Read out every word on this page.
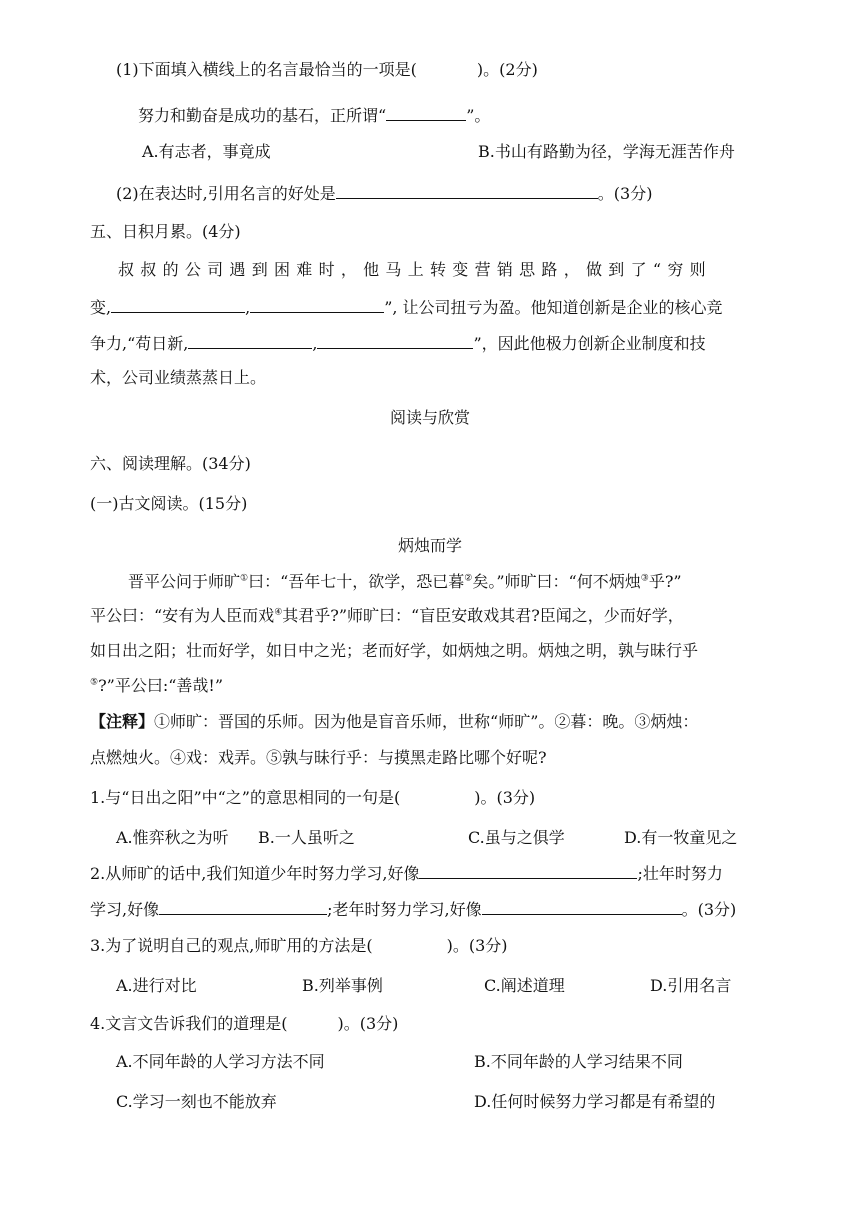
(1)下面填入横线上的名言最恰当的一项是(	)。(2分)
努力和勤奋是成功的基石，正所谓“	”。
A.有志者，事竟成	B.书山有路勤为径，学海无涯苦作舟
(2)在表达时,引用名言的好处是	。(3分)
五、日积月累。(4分)
叔 叔 的 公 司 遇 到 困 难 时 ， 他 马 上 转 变 营 销 思 路 ， 做 到 了 “ 穷 则
变,	,	”, 让公司扭亏为盈。他知道创新是企业的核心竞
争力,“苟日新,	,	”，因此他极力创新企业制度和技
术，公司业绩蒸蒸日上。
阅读与欣赏
六、阅读理解。(34分)
(一)古文阅读。(15分)
炳烛而学
晋平公问于师旷①曰：“吾年七十，欲学，恐已暮②矣。”师旷曰：“何不炳烛③乎?”
平公曰：“安有为人臣而戏④其君乎?”师旷曰：“盲臣安敢戏其君?臣闻之，少而好学，
如日出之阳；壮而好学，如日中之光；老而好学，如炳烛之明。炳烛之明，孰与昧行乎
⑤?”平公曰:“善哉!”
【注释】①师旷：晋国的乐师。因为他是盲音乐师，世称“师旷”。②暮：晚。③炳烛：
点燃烛火。④戏：戏弄。⑤孰与昧行乎：与摸黑走路比哪个好呢?
1.与“日出之阳”中“之”的意思相同的一句是(	)。(3分)
A.惟弈秋之为听 B.一人虽听之	C.虽与之俱学	D.有一牧童见之
2.从师旷的话中,我们知道少年时努力学习,好像	;壮年时努力
学习,好像	;老年时努力学习,好像	。(3分)
3.为了说明自己的观点,师旷用的方法是(	)。(3分)
A.进行对比	B.列举事例	C.阐述道理	D.引用名言
4.文言文告诉我们的道理是(	)。(3分)
A.不同年龄的人学习方法不同	B.不同年龄的人学习结果不同
C.学习一刻也不能放弃	D.任何时候努力学习都是有希望的
